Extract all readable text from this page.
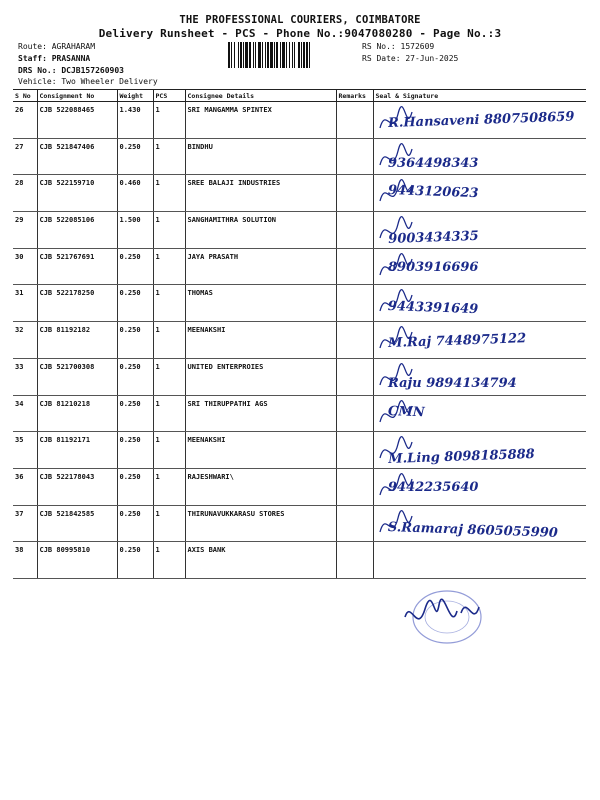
THE PROFESSIONAL COURIERS, COIMBATORE
Delivery Runsheet - PCS - Phone No.:9047080280 - Page No.:3
Route: AGRAHARAM
Staff: PRASANNA
DRS No.: DCJB157260903
Vehicle: Two Wheeler Delivery
RS No.: 1572609
RS Date: 27-Jun-2025
S No	Consignment No	Weight	PCS	Consignee Details	Remarks	Seal & Signature
26	CJB 522088465	1.430	1	SRI MANGAMMA SPINTEX		R.Hansaveni 8807508659

27	CJB 521847406	0.250	1	BINDHU		9364498343

28	CJB 522159710	0.460	1	SREE BALAJI INDUSTRIES		9443120623

29	CJB 522085106	1.500	1	SANGHAMITHRA SOLUTION		9003434335

30	CJB 521767691	0.250	1	JAYA PRASATH		8903916696

31	CJB 522178250	0.250	1	THOMAS		9443391649

32	CJB 81192182	0.250	1	MEENAKSHI		M.Raj 7448975122

33	CJB 521700308	0.250	1	UNITED ENTERPROIES		Raju 9894134794

34	CJB 81210218	0.250	1	SRI THIRUPPATHI AGS		CMN

35	CJB 81192171	0.250	1	MEENAKSHI		M.Ling 8098185888

36	CJB 522178043	0.250	1	RAJESHWARI\		9442235640

37	CJB 521842585	0.250	1	THIRUNAVUKKARASU STORES		S.Ramaraj 8605055990

38	CJB 80995810	0.250	1	AXIS BANK		
